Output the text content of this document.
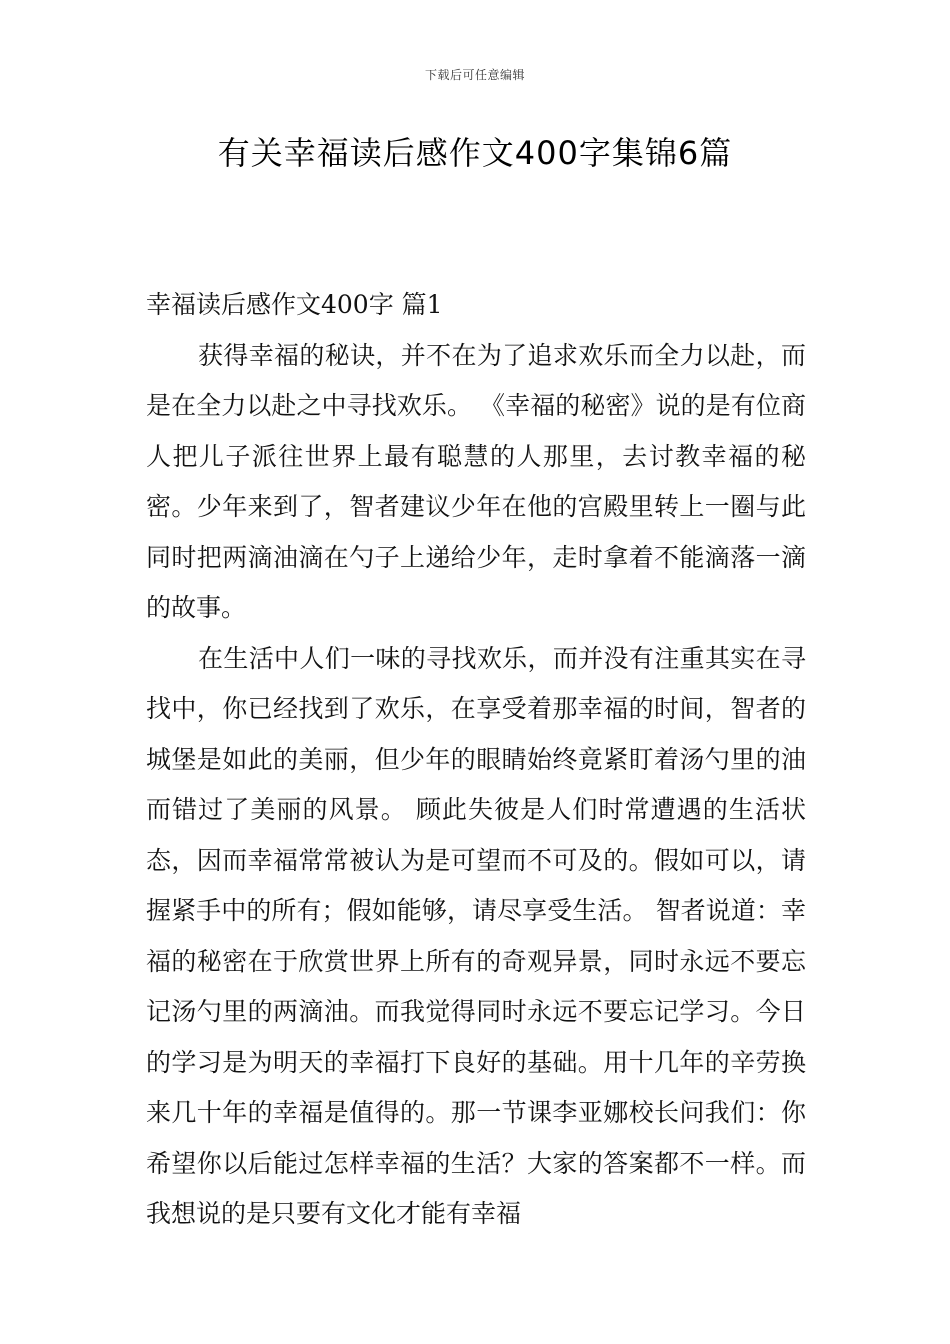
下载后可任意编辑
有关幸福读后感作文400字集锦6篇
幸福读后感作文400字 篇1

获得幸福的秘诀，并不在为了追求欢乐而全力以赴，而是在全力以赴之中寻找欢乐。 《幸福的秘密》说的是有位商人把儿子派往世界上最有聪慧的人那里，去讨教幸福的秘密。少年来到了，智者建议少年在他的宫殿里转上一圈与此同时把两滴油滴在勺子上递给少年，走时拿着不能滴落一滴的故事。

在生活中人们一味的寻找欢乐，而并没有注重其实在寻找中，你已经找到了欢乐，在享受着那幸福的时间，智者的城堡是如此的美丽，但少年的眼睛始终竟紧盯着汤勺里的油而错过了美丽的风景。 顾此失彼是人们时常遭遇的生活状态，因而幸福常常被认为是可望而不可及的。假如可以，请握紧手中的所有；假如能够，请尽享受生活。 智者说道：幸福的秘密在于欣赏世界上所有的奇观异景，同时永远不要忘记汤勺里的两滴油。而我觉得同时永远不要忘记学习。今日的学习是为明天的幸福打下良好的基础。用十几年的辛劳换来几十年的幸福是值得的。那一节课李亚娜校长问我们：你希望你以后能过怎样幸福的生活？大家的答案都不一样。而我想说的是只要有文化才能有幸福
